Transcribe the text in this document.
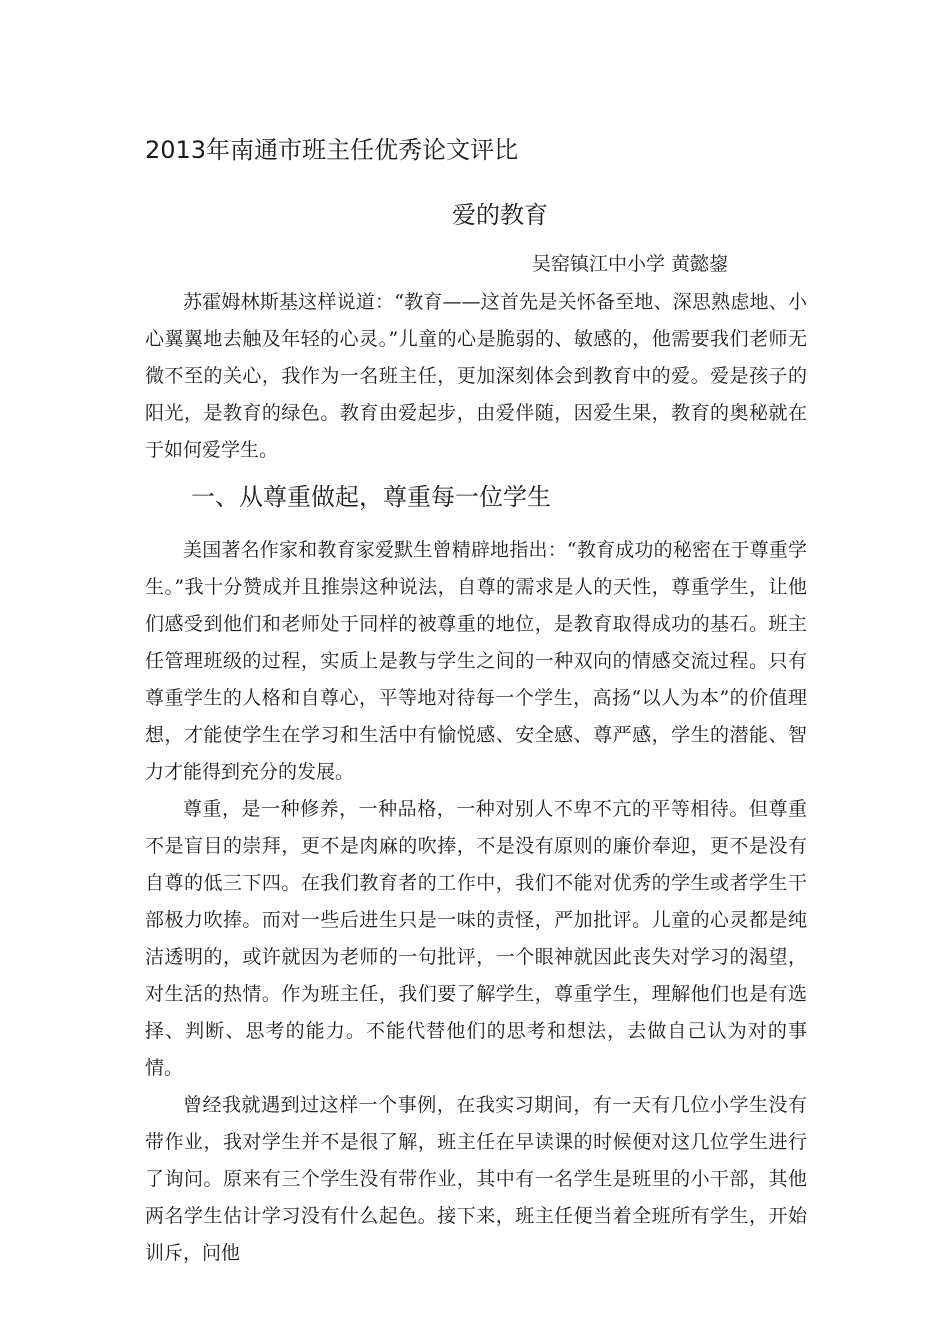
2013年南通市班主任优秀论文评比
爱的教育
吴窑镇江中小学 黄懿鋆

苏霍姆林斯基这样说道：“教育——这首先是关怀备至地、深思熟虑地、小心翼翼地去触及年轻的心灵。”儿童的心是脆弱的、敏感的，他需要我们老师无微不至的关心，我作为一名班主任，更加深刻体会到教育中的爱。爱是孩子的阳光，是教育的绿色。教育由爱起步，由爱伴随，因爱生果，教育的奥秘就在于如何爱学生。

一、从尊重做起，尊重每一位学生

美国著名作家和教育家爱默生曾精辟地指出：“教育成功的秘密在于尊重学生。”我十分赞成并且推崇这种说法，自尊的需求是人的天性，尊重学生，让他们感受到他们和老师处于同样的被尊重的地位，是教育取得成功的基石。班主任管理班级的过程，实质上是教与学生之间的一种双向的情感交流过程。只有尊重学生的人格和自尊心，平等地对待每一个学生，高扬“以人为本”的价值理想，才能使学生在学习和生活中有愉悦感、安全感、尊严感，学生的潜能、智力才能得到充分的发展。

尊重，是一种修养，一种品格，一种对别人不卑不亢的平等相待。但尊重不是盲目的崇拜，更不是肉麻的吹捧，不是没有原则的廉价奉迎，更不是没有自尊的低三下四。在我们教育者的工作中，我们不能对优秀的学生或者学生干部极力吹捧。而对一些后进生只是一味的责怪，严加批评。儿童的心灵都是纯洁透明的，或许就因为老师的一句批评，一个眼神就因此丧失对学习的渴望，对生活的热情。作为班主任，我们要了解学生，尊重学生，理解他们也是有选择、判断、思考的能力。不能代替他们的思考和想法，去做自己认为对的事情。

曾经我就遇到过这样一个事例，在我实习期间，有一天有几位小学生没有带作业，我对学生并不是很了解，班主任在早读课的时候便对这几位学生进行了询问。原来有三个学生没有带作业，其中有一名学生是班里的小干部，其他两名学生估计学习没有什么起色。接下来，班主任便当着全班所有学生，开始训斥，问他
